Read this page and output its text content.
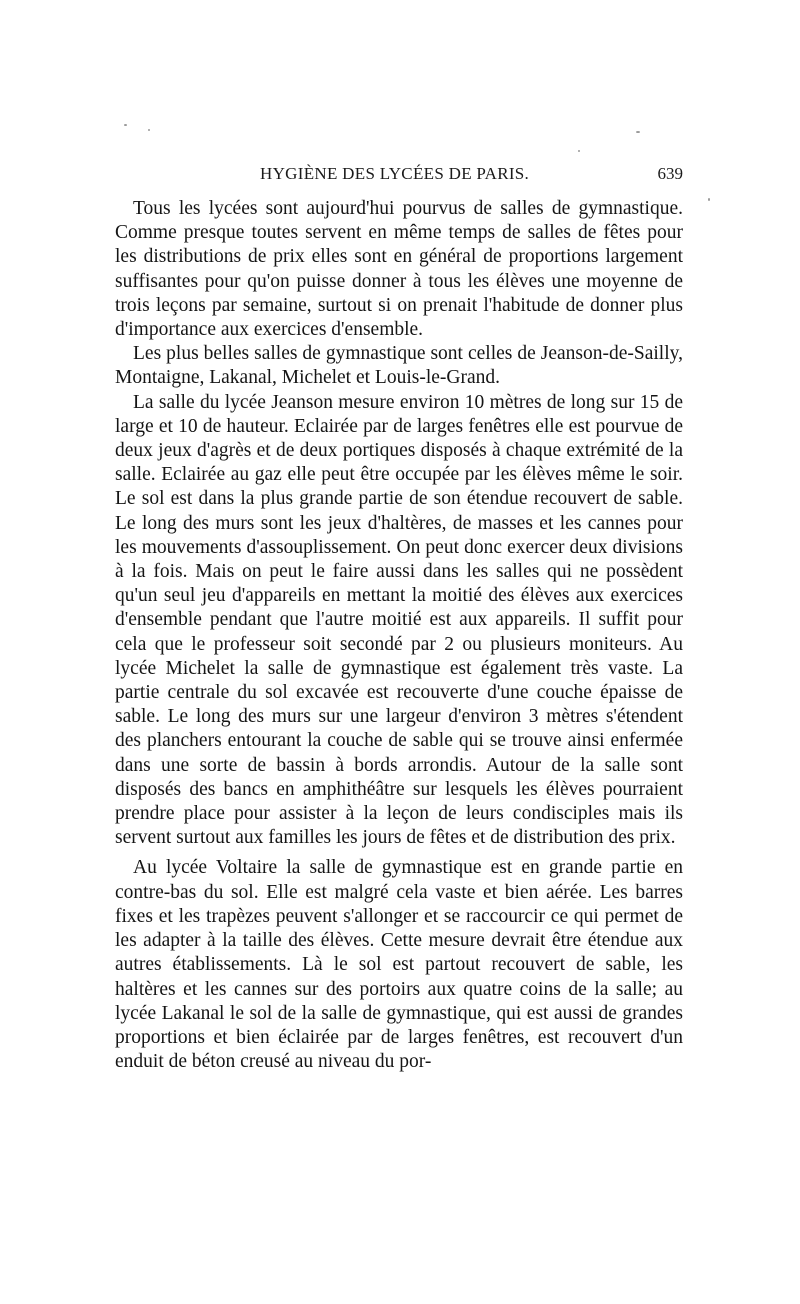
HYGIÈNE DES LYCÉES DE PARIS.	639

Tous les lycées sont aujourd'hui pourvus de salles de gymnastique. Comme presque toutes servent en même temps de salles de fêtes pour les distributions de prix elles sont en général de proportions largement suffisantes pour qu'on puisse donner à tous les élèves une moyenne de trois leçons par semaine, surtout si on prenait l'habitude de donner plus d'importance aux exercices d'ensemble.

Les plus belles salles de gymnastique sont celles de Jeanson-de-Sailly, Montaigne, Lakanal, Michelet et Louis-le-Grand.

La salle du lycée Jeanson mesure environ 10 mètres de long sur 15 de large et 10 de hauteur. Eclairée par de larges fenêtres elle est pourvue de deux jeux d'agrès et de deux portiques disposés à chaque extrémité de la salle. Eclairée au gaz elle peut être occupée par les élèves même le soir. Le sol est dans la plus grande partie de son étendue recouvert de sable. Le long des murs sont les jeux d'haltères, de masses et les cannes pour les mouvements d'assouplissement. On peut donc exercer deux divisions à la fois. Mais on peut le faire aussi dans les salles qui ne possèdent qu'un seul jeu d'appareils en mettant la moitié des élèves aux exercices d'ensemble pendant que l'autre moitié est aux appareils. Il suffit pour cela que le professeur soit secondé par 2 ou plusieurs moniteurs. Au lycée Michelet la salle de gymnastique est également très vaste. La partie centrale du sol excavée est recouverte d'une couche épaisse de sable. Le long des murs sur une largeur d'environ 3 mètres s'étendent des planchers entourant la couche de sable qui se trouve ainsi enfermée dans une sorte de bassin à bords arrondis. Autour de la salle sont disposés des bancs en amphithéâtre sur lesquels les élèves pourraient prendre place pour assister à la leçon de leurs condisciples mais ils servent surtout aux familles les jours de fêtes et de distribution des prix.

Au lycée Voltaire la salle de gymnastique est en grande partie en contre-bas du sol. Elle est malgré cela vaste et bien aérée. Les barres fixes et les trapèzes peuvent s'allonger et se raccourcir ce qui permet de les adapter à la taille des élèves. Cette mesure devrait être étendue aux autres établissements. Là le sol est partout recouvert de sable, les haltères et les cannes sur des portoirs aux quatre coins de la salle; au lycée Lakanal le sol de la salle de gymnastique, qui est aussi de grandes proportions et bien éclairée par de larges fenêtres, est recouvert d'un enduit de béton creusé au niveau du por-
